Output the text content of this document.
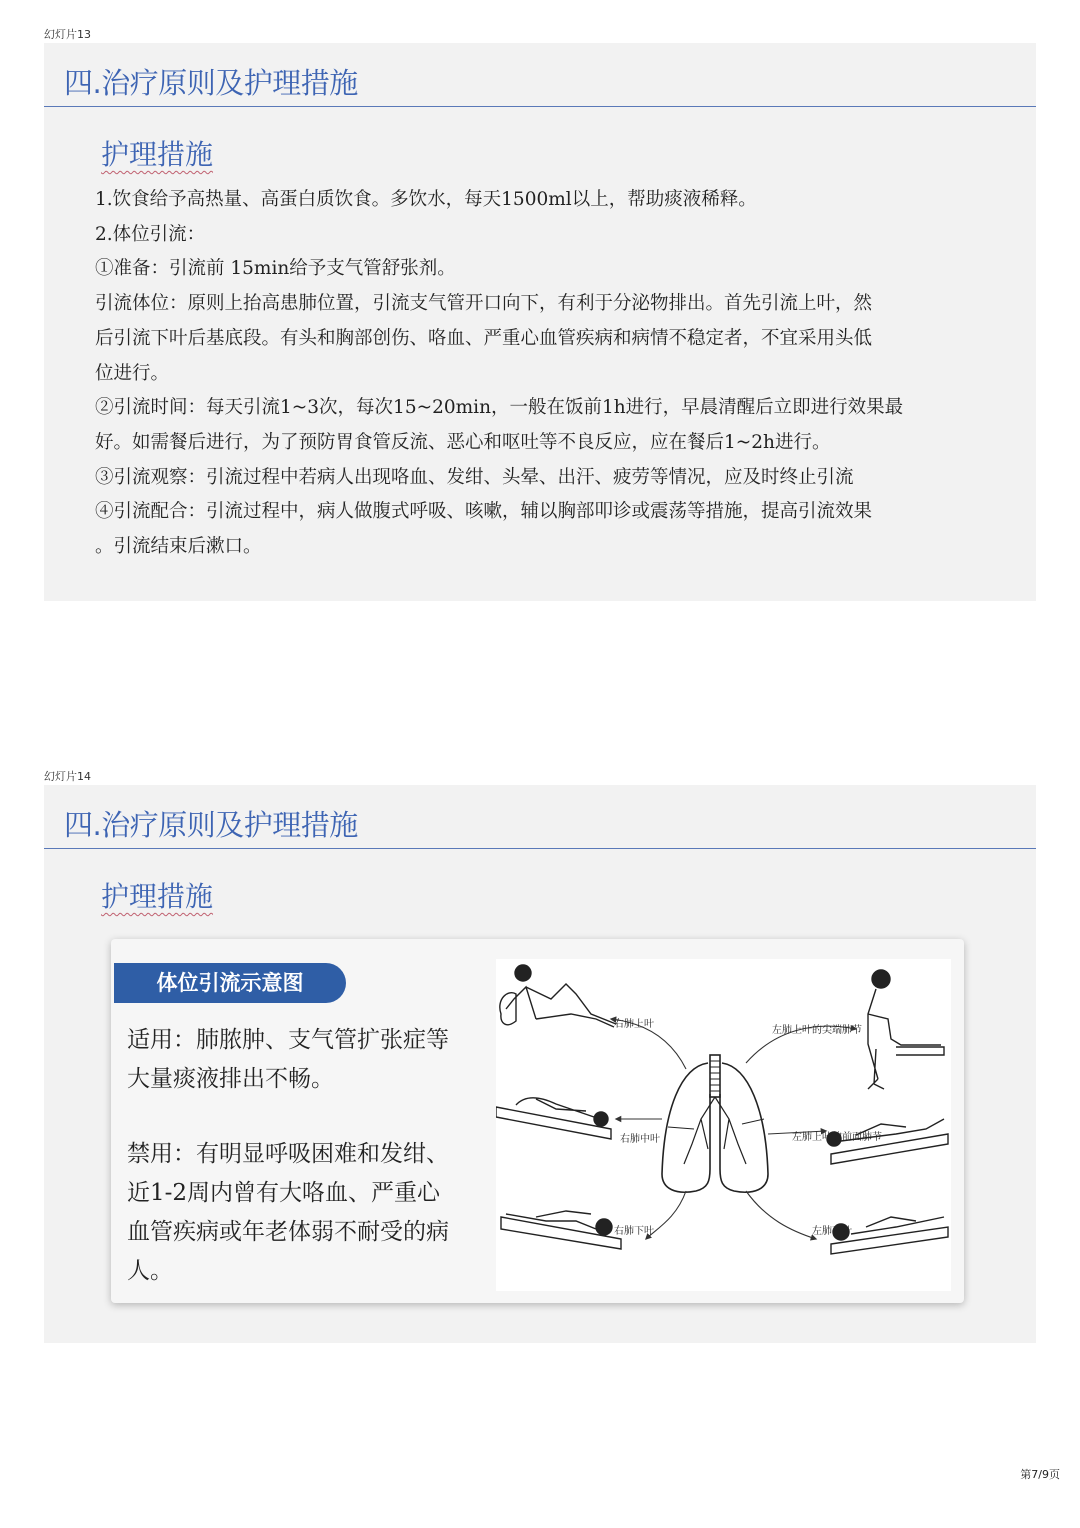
幻灯片13
四.治疗原则及护理措施
护理措施
1.饮食给予高热量、高蛋白质饮食。多饮水，每天1500ml以上，帮助痰液稀释。
2.体位引流：
①准备：引流前 15min给予支气管舒张剂。
引流体位：原则上抬高患肺位置，引流支气管开口向下，有利于分泌物排出。首先引流上叶，然
后引流下叶后基底段。有头和胸部创伤、咯血、严重心血管疾病和病情不稳定者，不宜采用头低
位进行。
②引流时间：每天引流1~3次，每次15~20min，一般在饭前1h进行，早晨清醒后立即进行效果最
好。如需餐后进行，为了预防胃食管反流、恶心和呕吐等不良反应，应在餐后1~2h进行。
③引流观察：引流过程中若病人出现咯血、发绀、头晕、出汗、疲劳等情况，应及时终止引流
④引流配合：引流过程中，病人做腹式呼吸、咳嗽，辅以胸部叩诊或震荡等措施，提高引流效果
。引流结束后漱口。
幻灯片14
四.治疗原则及护理措施
护理措施
体位引流示意图
适用：肺脓肿、支气管扩张症等
大量痰液排出不畅。
禁用：有明显呼吸困难和发绀、
近1-2周内曾有大咯血、严重心
血管疾病或年老体弱不耐受的病
人。
右肺上叶
右肺中叶
右肺下叶
左肺上叶的尖端肺节
左肺上叶的前面肺节
左肺下叶
第7/9页
